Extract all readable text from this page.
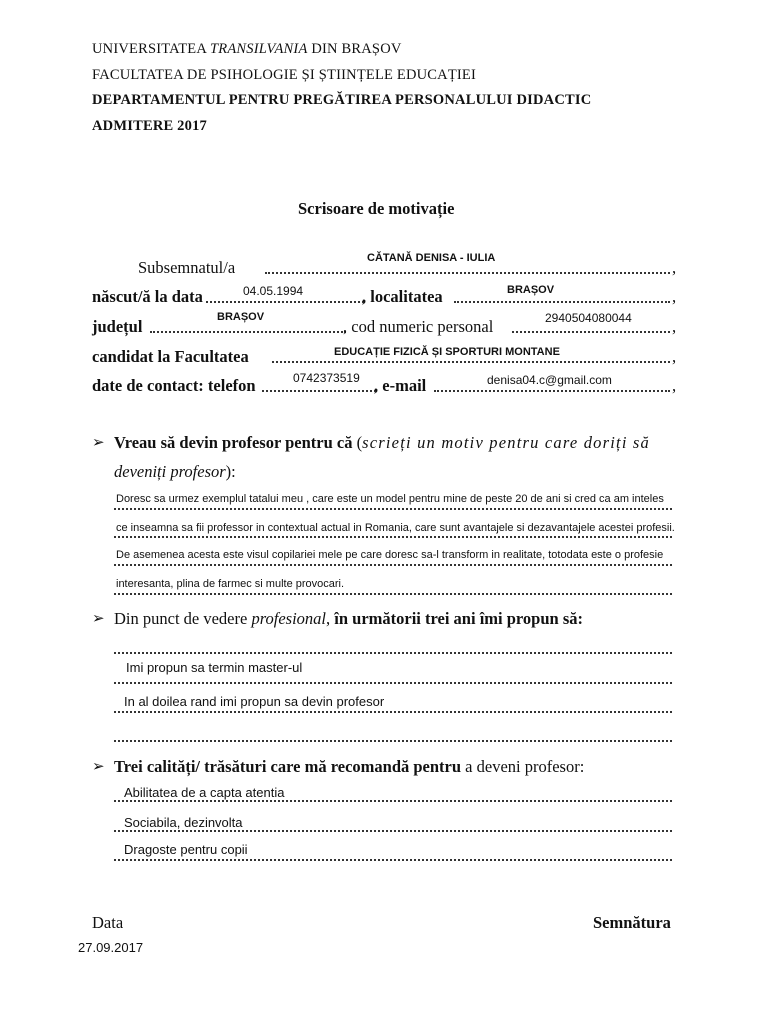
UNIVERSITATEA TRANSILVANIA DIN BRAȘOV
FACULTATEA DE PSIHOLOGIE ȘI ȘTIINȚELE EDUCAȚIEI
DEPARTAMENTUL PENTRU PREGĂTIREA PERSONALULUI DIDACTIC
ADMITERE 2017
Scrisoare de motivație
Subsemnatul/a	CĂTANĂ DENISA - IULIA	,
născut/ă la data	04.05.1994	, localitatea	BRAȘOV	,
județul	BRAȘOV	, cod numeric personal	2940504080044 ,
candidat la Facultatea	EDUCAȚIE FIZICĂ ȘI SPORTURI MONTANE	,
date de contact: telefon	0742373519 , e-mail	denisa04.c@gmail.com	,
➢ Vreau să devin profesor pentru că (scrieți un motiv pentru care doriți să
deveniți profesor):
Doresc sa urmez exemplul tatalui meu , care este un model pentru mine de peste 20 de ani si cred ca am inteles
ce inseamna sa fii professor in contextual actual in Romania, care sunt avantajele si dezavantajele acestei profesii.
De asemenea acesta este visul copilariei mele pe care doresc sa-l transform in realitate, totodata este o profesie
interesanta, plina de farmec si multe provocari.
➢ Din punct de vedere profesional, în următorii trei ani îmi propun să:
Imi propun sa termin master-ul
In al doilea rand imi propun sa devin profesor
➢ Trei calități/ trăsături care mă recomandă pentru a deveni profesor:
Abilitatea de a capta atentia
Sociabila, dezinvolta
Dragoste pentru copii
Data	Semnătura
27.09.2017
